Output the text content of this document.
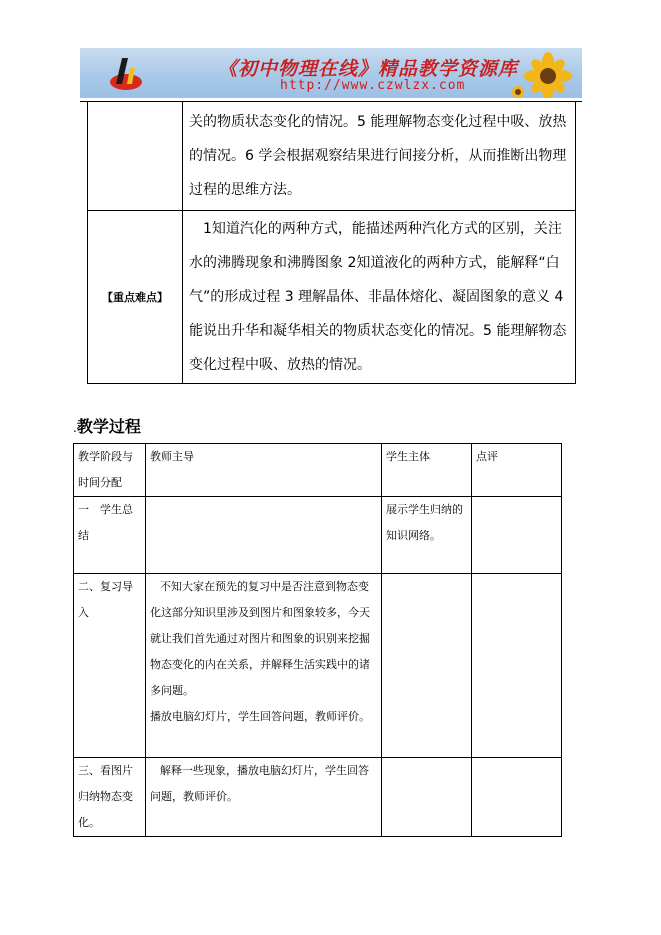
《初中物理在线》精品教学资源库
http://www.czwlzx.com
	关的物质状态变化的情况。5 能理解物态变化过程中吸、放热的情况。6 学会根据观察结果进行间接分析，从而推断出物理过程的思维方法。
【重点难点】	1知道汽化的两种方式，能描述两种汽化方式的区别，关注水的沸腾现象和沸腾图象 2知道液化的两种方式，能解释“白气”的形成过程 3 理解晶体、非晶体熔化、凝固图象的意义 4 能说出升华和凝华相关的物质状态变化的情况。5 能理解物态变化过程中吸、放热的情况。
.教学过程
教学阶段与时间分配	教师主导	学生主体	点评
一　学生总结		展示学生归纳的知识网络。	
二、复习导入	不知大家在预先的复习中是否注意到物态变化这部分知识里涉及到图片和图象较多，今天就让我们首先通过对图片和图象的识别来挖掘物态变化的内在关系，并解释生活实践中的诸多问题。
播放电脑幻灯片，学生回答问题，教师评价。		

三、看图片归纳物态变化。	解释一些现象，播放电脑幻灯片，学生回答问题，教师评价。		
